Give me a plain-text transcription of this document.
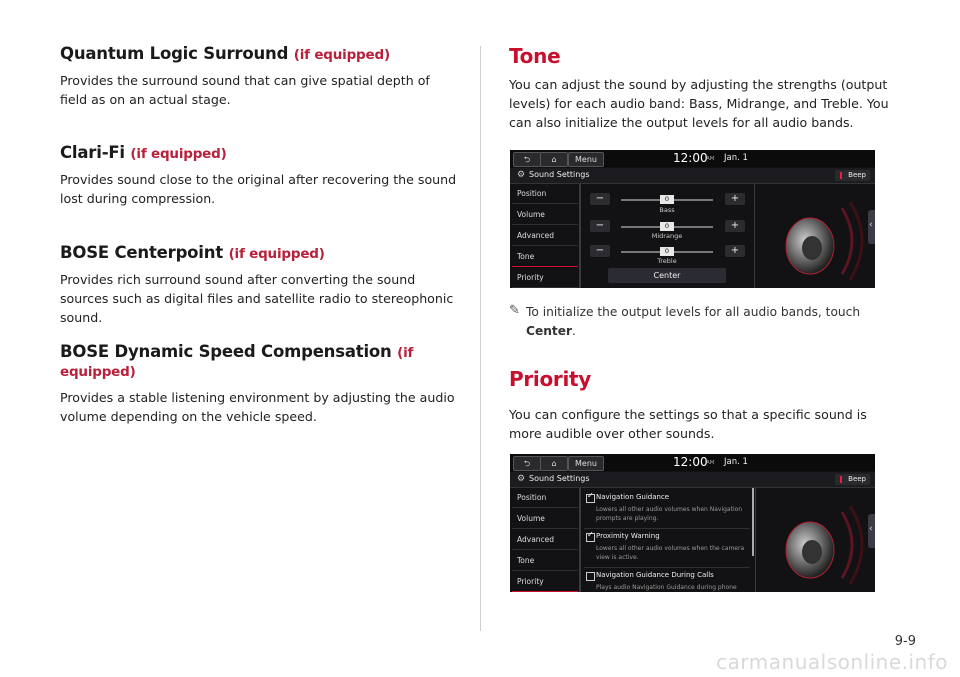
Quantum Logic Surround (if equipped)

Provides the surround sound that can give spatial depth of field as on an actual stage.

Clari-Fi (if equipped)

Provides sound close to the original after recovering the sound lost during compression.

BOSE Centerpoint (if equipped)

Provides rich surround sound after converting the sound sources such as digital files and satellite radio to stereophonic sound.

BOSE Dynamic Speed Compensation (if equipped)

Provides a stable listening environment by adjusting the audio volume depending on the vehicle speed.

Tone

You can adjust the sound by adjusting the strengths (output levels) for each audio band: Bass, Midrange, and Treble. You can also initialize the output levels for all audio bands.

✎ To initialize the output levels for all audio bands, touch
Center.

Priority

You can configure the settings so that a specific sound is more audible over other sounds.

⮌	⌂	Menu	12:00
AM Jan. 1
⚙ Sound Settings	Beep
Position
Volume
Advanced
Tone
Priority
−	0
Bass
+
−	0
Midrange
+
−	0
Treble
+
Center
‹
⮌	⌂	Menu	12:00
AM Jan. 1
⚙ Sound Settings	Beep
Position
Volume
Advanced
Tone
Priority
✓
Navigation Guidance
Lowers all other audio volumes when Navigation prompts are playing.
✓
Proximity Warning
Lowers all other audio volumes when the camera view is active.
Navigation Guidance During Calls
Plays audio Navigation Guidance during phone
‹
9-9
carmanualsonline.info
